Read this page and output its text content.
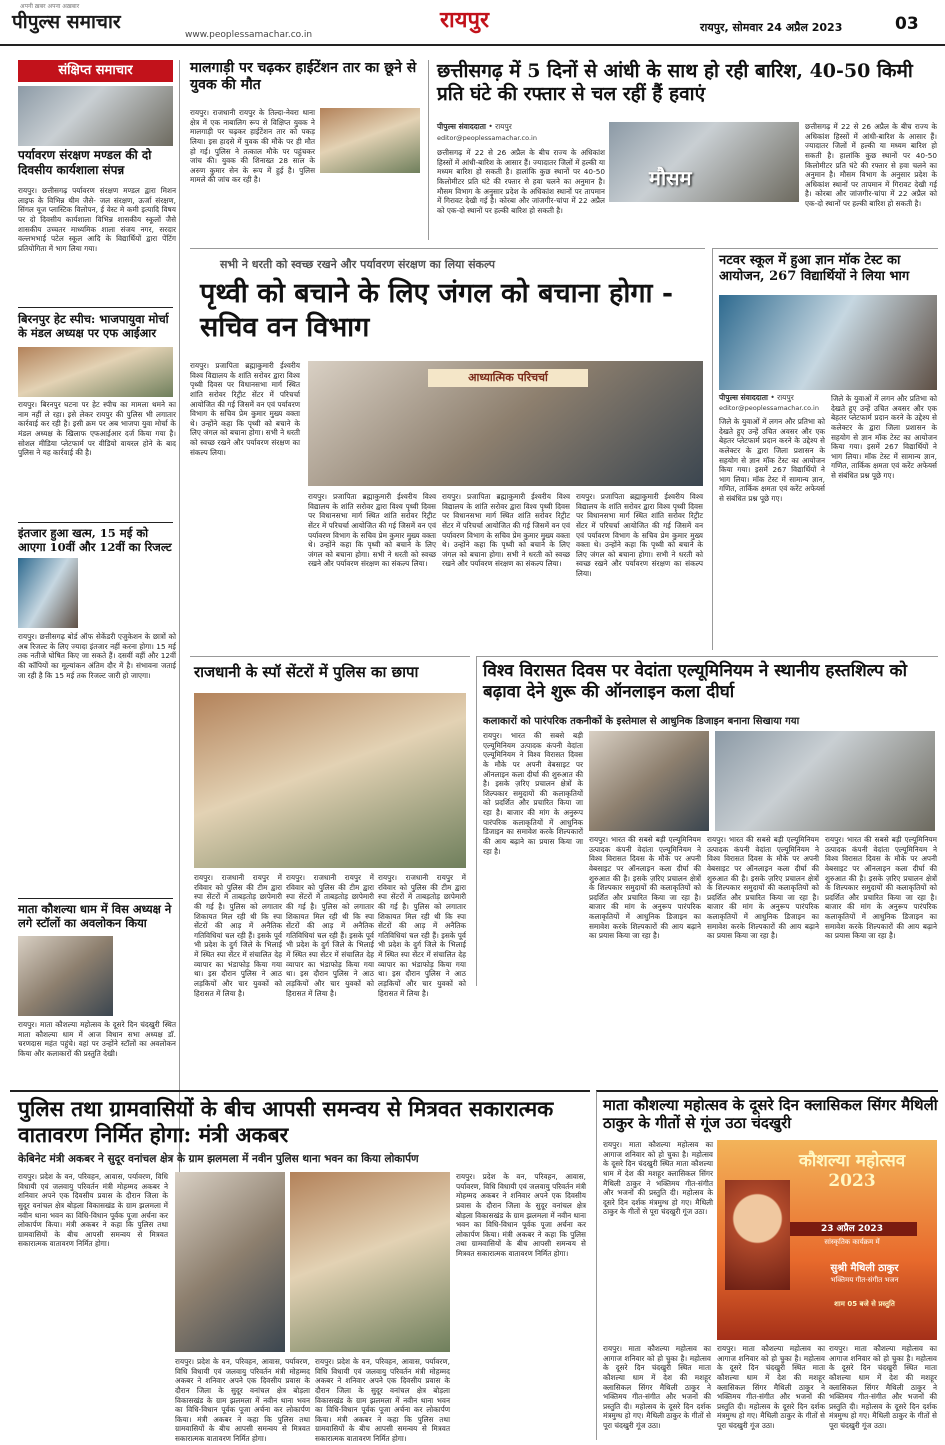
अपनी ख़बर अपना अख़बार
पीपुल्स समाचार
www.peoplessamachar.co.in
रायपुर	रायपुर, सोमवार 24 अप्रैल 2023	03
संक्षिप्त समाचार
पर्यावरण संरक्षण मण्डल की दो दिवसीय कार्यशाला संपन्न
रायपुर। छत्तीसगढ़ पर्यावरण संरक्षण मण्डल द्वारा मिशन लाइफ के विभिन्न थीम जैसे- जल संरक्षण, ऊर्जा संरक्षण, सिंगल यूज प्लास्टिक विलोपन, ई वेस्ट मे कमी इत्यादि विषय पर दो दिवसीय कार्यशाला विभिन्न शासकीय स्कूलों जैसे शासकीय उच्चतर माध्यमिक शाला संजय नगर, सरदार वल्लभभाई पटेल स्कूल आदि के विद्यार्थियों द्वारा पेंटिंग प्रतियोगिता में भाग लिया गया।
बिरनपुर हेट स्पीच: भाजपायुवा मोर्चा के मंडल अध्यक्ष पर एफ आईआर
रायपुर। बिरनपुर घटना पर हेट स्पीच का मामला थमने का नाम नहीं ले रहा। इसे लेकर रायपुर की पुलिस भी लगातार कार्रवाई कर रही है। इसी क्रम पर अब भाजपा युवा मोर्चा के मंडल अध्यक्ष के खिलाफ एफआईआर दर्ज किया गया है। सोशल मीडिया प्लेटफार्म पर वीडियो वायरल होने के बाद पुलिस ने यह कार्रवाई की है।
इंतजार हुआ खत्म, 15 मई को आएगा 10वीं और 12वीं का रिजल्ट
रायपुर। छत्तीसगढ़ बोर्ड ऑफ सेकेंडरी एजुकेशन के छात्रों को अब रिजल्ट के लिए ज्यादा इंतजार नहीं करना होगा। 15 मई तक नतीजे घोषित किए जा सकते हैं। दसवीं वहीं और 12वीं की कॉपियों का मूल्यांकन अंतिम दौर में है। संभावना जताई जा रही है कि 15 मई तक रिजल्ट जारी हो जाएगा।
माता कौशल्या धाम में विस अध्यक्ष ने लगे स्टॉलों का अवलोकन किया
रायपुर। माता कौशल्या महोत्सव के दूसरे दिन चंदखुरी स्थित माता कौशल्या धाम में आज विधान सभा अध्यक्ष डॉ. चरणदास महंत पहुंचे। वहां पर उन्होंने स्टॉलों का अवलोकन किया और कलाकारों की प्रस्तुति देखी।
मालगाड़ी पर चढ़कर हाईटेंशन तार का छूने से युवक की मौत
रायपुर। राजधानी रायपुर के तिल्दा-नेवरा थाना क्षेत्र में एक नाबालिग रूप से विक्षिप्त युवक ने मालगाड़ी पर चढ़कर हाईटेंशन तार को पकड़ लिया। इस हादसे में युवक की मौके पर ही मौत हो गई। पुलिस ने तत्काल मौके पर पहुंचकर जांच की। युवक की शिनाख्त 28 साल के अरुण कुमार सेन के रूप में हुई है। पुलिस मामले की जांच कर रही है।
छत्तीसगढ़ में 5 दिनों से आंधी के साथ हो रही बारिश, 40-50 किमी प्रति घंटे की रफ्तार से चल रहीं हैं हवाएं
पीपुल्स संवाददाता • रायपुर
editor@peoplessamachar.co.in
मौसम
छत्तीसगढ़ में 22 से 26 अप्रैल के बीच राज्य के अधिकांश हिस्सों में आंधी-बारिश के आसार हैं। ज्यादातर जिलों में हल्की या मध्यम बारिश हो सकती है। हालांकि कुछ स्थानों पर 40-50 किलोमीटर प्रति घंटे की रफ्तार से हवा चलने का अनुमान है। मौसम विभाग के अनुसार प्रदेश के अधिकांश स्थानों पर तापमान में गिरावट देखी गई है। कोरबा और जांजगीर-चांपा में 22 अप्रैल को एक-दो स्थानों पर हल्की बारिश हो सकती है।
छत्तीसगढ़ में 22 से 26 अप्रैल के बीच राज्य के अधिकांश हिस्सों में आंधी-बारिश के आसार हैं। ज्यादातर जिलों में हल्की या मध्यम बारिश हो सकती है। हालांकि कुछ स्थानों पर 40-50 किलोमीटर प्रति घंटे की रफ्तार से हवा चलने का अनुमान है। मौसम विभाग के अनुसार प्रदेश के अधिकांश स्थानों पर तापमान में गिरावट देखी गई है। कोरबा और जांजगीर-चांपा में 22 अप्रैल को एक-दो स्थानों पर हल्की बारिश हो सकती है।
सभी ने धरती को स्वच्छ रखने और पर्यावरण संरक्षण का लिया संकल्प
पृथ्वी को बचाने के लिए जंगल को बचाना होगा - सचिव वन विभाग
रायपुर। प्रजापिता ब्रह्माकुमारी ईश्वरीय विश्व विद्यालय के शांति सरोवर द्वारा विश्व पृथ्वी दिवस पर विधानसभा मार्ग स्थित शांति सरोवर रिट्रीट सेंटर में परिचर्चा आयोजित की गई जिसमें वन एवं पर्यावरण विभाग के सचिव प्रेम कुमार मुख्य वक्ता थे। उन्होंने कहा कि पृथ्वी को बचाने के लिए जंगल को बचाना होगा। सभी ने धरती को स्वच्छ रखने और पर्यावरण संरक्षण का संकल्प लिया।
आध्यात्मिक परिचर्चा
रायपुर। प्रजापिता ब्रह्माकुमारी ईश्वरीय विश्व विद्यालय के शांति सरोवर द्वारा विश्व पृथ्वी दिवस पर विधानसभा मार्ग स्थित शांति सरोवर रिट्रीट सेंटर में परिचर्चा आयोजित की गई जिसमें वन एवं पर्यावरण विभाग के सचिव प्रेम कुमार मुख्य वक्ता थे। उन्होंने कहा कि पृथ्वी को बचाने के लिए जंगल को बचाना होगा। सभी ने धरती को स्वच्छ रखने और पर्यावरण संरक्षण का संकल्प लिया।
रायपुर। प्रजापिता ब्रह्माकुमारी ईश्वरीय विश्व विद्यालय के शांति सरोवर द्वारा विश्व पृथ्वी दिवस पर विधानसभा मार्ग स्थित शांति सरोवर रिट्रीट सेंटर में परिचर्चा आयोजित की गई जिसमें वन एवं पर्यावरण विभाग के सचिव प्रेम कुमार मुख्य वक्ता थे। उन्होंने कहा कि पृथ्वी को बचाने के लिए जंगल को बचाना होगा। सभी ने धरती को स्वच्छ रखने और पर्यावरण संरक्षण का संकल्प लिया।
रायपुर। प्रजापिता ब्रह्माकुमारी ईश्वरीय विश्व विद्यालय के शांति सरोवर द्वारा विश्व पृथ्वी दिवस पर विधानसभा मार्ग स्थित शांति सरोवर रिट्रीट सेंटर में परिचर्चा आयोजित की गई जिसमें वन एवं पर्यावरण विभाग के सचिव प्रेम कुमार मुख्य वक्ता थे। उन्होंने कहा कि पृथ्वी को बचाने के लिए जंगल को बचाना होगा। सभी ने धरती को स्वच्छ रखने और पर्यावरण संरक्षण का संकल्प लिया।
नटवर स्कूल में हुआ ज्ञान मॉक टेस्ट का आयोजन, 267 विद्यार्थियों ने लिया भाग
पीपुल्स संवाददाता • रायपुर
editor@peoplessamachar.co.in
जिले के युवाओं में लगन और प्रतिभा को देखते हुए उन्हें उचित अवसर और एक बेहतर प्लेटफार्म प्रदान करने के उद्देश्य से कलेक्टर के द्वारा जिला प्रशासन के सहयोग से ज्ञान मॉक टेस्ट का आयोजन किया गया। इसमें 267 विद्यार्थियों ने भाग लिया। मॉक टेस्ट में सामान्य ज्ञान, गणित, तार्किक क्षमता एवं करेंट अफेयर्स से संबंधित प्रश्न पूछे गए।
जिले के युवाओं में लगन और प्रतिभा को देखते हुए उन्हें उचित अवसर और एक बेहतर प्लेटफार्म प्रदान करने के उद्देश्य से कलेक्टर के द्वारा जिला प्रशासन के सहयोग से ज्ञान मॉक टेस्ट का आयोजन किया गया। इसमें 267 विद्यार्थियों ने भाग लिया। मॉक टेस्ट में सामान्य ज्ञान, गणित, तार्किक क्षमता एवं करेंट अफेयर्स से संबंधित प्रश्न पूछे गए।
राजधानी के स्पॉ सेंटरों में पुलिस का छापा
रायपुर। राजधानी रायपुर में रविवार को पुलिस की टीम द्वारा स्पा सेंटरों में ताबड़तोड़ छापेमारी की गई है। पुलिस को लगातार शिकायत मिल रही थी कि स्पा सेंटरों की आड़ में अनैतिक गतिविधियां चल रही हैं। इसके पूर्व भी प्रदेश के दुर्ग जिले के भिलाई में स्थित स्पा सेंटर में संचालित देह व्यापार का भंडाफोड़ किया गया था। इस दौरान पुलिस ने आठ लड़कियों और चार युवकों को हिरासत में लिया है।
रायपुर। राजधानी रायपुर में रविवार को पुलिस की टीम द्वारा स्पा सेंटरों में ताबड़तोड़ छापेमारी की गई है। पुलिस को लगातार शिकायत मिल रही थी कि स्पा सेंटरों की आड़ में अनैतिक गतिविधियां चल रही हैं। इसके पूर्व भी प्रदेश के दुर्ग जिले के भिलाई में स्थित स्पा सेंटर में संचालित देह व्यापार का भंडाफोड़ किया गया था। इस दौरान पुलिस ने आठ लड़कियों और चार युवकों को हिरासत में लिया है।
रायपुर। राजधानी रायपुर में रविवार को पुलिस की टीम द्वारा स्पा सेंटरों में ताबड़तोड़ छापेमारी की गई है। पुलिस को लगातार शिकायत मिल रही थी कि स्पा सेंटरों की आड़ में अनैतिक गतिविधियां चल रही हैं। इसके पूर्व भी प्रदेश के दुर्ग जिले के भिलाई में स्थित स्पा सेंटर में संचालित देह व्यापार का भंडाफोड़ किया गया था। इस दौरान पुलिस ने आठ लड़कियों और चार युवकों को हिरासत में लिया है।
विश्व विरासत दिवस पर वेदांता एल्यूमिनियम ने स्थानीय हस्तशिल्प को बढ़ावा देने शुरू की ऑनलाइन कला दीर्घा
कलाकारों को पारंपरिक तकनीकों के इस्तेमाल से आधुनिक डिजाइन बनाना सिखाया गया
रायपुर। भारत की सबसे बड़ी एल्यूमिनियम उत्पादक कंपनी वेदांता एल्यूमिनियम ने विश्व विरासत दिवस के मौके पर अपनी वेबसाइट पर ऑनलाइन कला दीर्घा की शुरुआत की है। इसके ज़रिए प्रचालन क्षेत्रों के शिल्पकार समुदायों की कलाकृतियों को प्रदर्शित और प्रचारित किया जा रहा है। बाजार की मांग के अनुरूप पारंपरिक कलाकृतियों में आधुनिक डिजाइन का समावेश करके शिल्पकारों की आय बढ़ाने का प्रयास किया जा रहा है।
रायपुर। भारत की सबसे बड़ी एल्यूमिनियम उत्पादक कंपनी वेदांता एल्यूमिनियम ने विश्व विरासत दिवस के मौके पर अपनी वेबसाइट पर ऑनलाइन कला दीर्घा की शुरुआत की है। इसके ज़रिए प्रचालन क्षेत्रों के शिल्पकार समुदायों की कलाकृतियों को प्रदर्शित और प्रचारित किया जा रहा है। बाजार की मांग के अनुरूप पारंपरिक कलाकृतियों में आधुनिक डिजाइन का समावेश करके शिल्पकारों की आय बढ़ाने का प्रयास किया जा रहा है।
रायपुर। भारत की सबसे बड़ी एल्यूमिनियम उत्पादक कंपनी वेदांता एल्यूमिनियम ने विश्व विरासत दिवस के मौके पर अपनी वेबसाइट पर ऑनलाइन कला दीर्घा की शुरुआत की है। इसके ज़रिए प्रचालन क्षेत्रों के शिल्पकार समुदायों की कलाकृतियों को प्रदर्शित और प्रचारित किया जा रहा है। बाजार की मांग के अनुरूप पारंपरिक कलाकृतियों में आधुनिक डिजाइन का समावेश करके शिल्पकारों की आय बढ़ाने का प्रयास किया जा रहा है।
रायपुर। भारत की सबसे बड़ी एल्यूमिनियम उत्पादक कंपनी वेदांता एल्यूमिनियम ने विश्व विरासत दिवस के मौके पर अपनी वेबसाइट पर ऑनलाइन कला दीर्घा की शुरुआत की है। इसके ज़रिए प्रचालन क्षेत्रों के शिल्पकार समुदायों की कलाकृतियों को प्रदर्शित और प्रचारित किया जा रहा है। बाजार की मांग के अनुरूप पारंपरिक कलाकृतियों में आधुनिक डिजाइन का समावेश करके शिल्पकारों की आय बढ़ाने का प्रयास किया जा रहा है।
पुलिस तथा ग्रामवासियों के बीच आपसी समन्वय से मित्रवत सकारात्मक वातावरण निर्मित होगा: मंत्री अकबर
केबिनेट मंत्री अकबर ने सुदूर वनांचल क्षेत्र के ग्राम झलमला में नवीन पुलिस थाना भवन का किया लोकार्पण
रायपुर। प्रदेश के वन, परिवहन, आवास, पर्यावरण, विधि विधायी एवं जलवायु परिवर्तन मंत्री मोहम्मद अकबर ने शनिवार अपने एक दिवसीय प्रवास के दौरान जिला के सुदूर वनांचल क्षेत्र बोड़ला विकासखंड के ग्राम झलमला में नवीन थाना भवन का विधि-विधान पूर्वक पूजा अर्चना कर लोकार्पण किया। मंत्री अकबर ने कहा कि पुलिस तथा ग्रामवासियों के बीच आपसी समन्वय से मित्रवत सकारात्मक वातावरण निर्मित होगा।
रायपुर। प्रदेश के वन, परिवहन, आवास, पर्यावरण, विधि विधायी एवं जलवायु परिवर्तन मंत्री मोहम्मद अकबर ने शनिवार अपने एक दिवसीय प्रवास के दौरान जिला के सुदूर वनांचल क्षेत्र बोड़ला विकासखंड के ग्राम झलमला में नवीन थाना भवन का विधि-विधान पूर्वक पूजा अर्चना कर लोकार्पण किया। मंत्री अकबर ने कहा कि पुलिस तथा ग्रामवासियों के बीच आपसी समन्वय से मित्रवत सकारात्मक वातावरण निर्मित होगा।
रायपुर। प्रदेश के वन, परिवहन, आवास, पर्यावरण, विधि विधायी एवं जलवायु परिवर्तन मंत्री मोहम्मद अकबर ने शनिवार अपने एक दिवसीय प्रवास के दौरान जिला के सुदूर वनांचल क्षेत्र बोड़ला विकासखंड के ग्राम झलमला में नवीन थाना भवन का विधि-विधान पूर्वक पूजा अर्चना कर लोकार्पण किया। मंत्री अकबर ने कहा कि पुलिस तथा ग्रामवासियों के बीच आपसी समन्वय से मित्रवत सकारात्मक वातावरण निर्मित होगा।
रायपुर। प्रदेश के वन, परिवहन, आवास, पर्यावरण, विधि विधायी एवं जलवायु परिवर्तन मंत्री मोहम्मद अकबर ने शनिवार अपने एक दिवसीय प्रवास के दौरान जिला के सुदूर वनांचल क्षेत्र बोड़ला विकासखंड के ग्राम झलमला में नवीन थाना भवन का विधि-विधान पूर्वक पूजा अर्चना कर लोकार्पण किया। मंत्री अकबर ने कहा कि पुलिस तथा ग्रामवासियों के बीच आपसी समन्वय से मित्रवत सकारात्मक वातावरण निर्मित होगा।
माता कौशल्या महोत्सव के दूसरे दिन क्लासिकल सिंगर मैथिली ठाकुर के गीतों से गूंज उठा चंदखुरी
रायपुर। माता कौशल्या महोत्सव का आगाज शनिवार को हो चुका है। महोत्सव के दूसरे दिन चंदखुरी स्थित माता कौशल्या धाम में देश की मशहूर क्लासिकल सिंगर मैथिली ठाकुर ने भक्तिमय गीत-संगीत और भजनों की प्रस्तुति दी। महोत्सव के दूसरे दिन दर्शक मंत्रमुग्ध हो गए। मैथिली ठाकुर के गीतों से पूरा चंदखुरी गूंज उठा।
कौशल्या महोत्सव 2023
23 अप्रैल 2023
सांस्कृतिक कार्यक्रम में
सुश्री मैथिली ठाकुर
भक्तिमय गीत-संगीत भजन
शाम 05 बजे से प्रस्तुति
रायपुर। माता कौशल्या महोत्सव का आगाज शनिवार को हो चुका है। महोत्सव के दूसरे दिन चंदखुरी स्थित माता कौशल्या धाम में देश की मशहूर क्लासिकल सिंगर मैथिली ठाकुर ने भक्तिमय गीत-संगीत और भजनों की प्रस्तुति दी। महोत्सव के दूसरे दिन दर्शक मंत्रमुग्ध हो गए। मैथिली ठाकुर के गीतों से पूरा चंदखुरी गूंज उठा।
रायपुर। माता कौशल्या महोत्सव का आगाज शनिवार को हो चुका है। महोत्सव के दूसरे दिन चंदखुरी स्थित माता कौशल्या धाम में देश की मशहूर क्लासिकल सिंगर मैथिली ठाकुर ने भक्तिमय गीत-संगीत और भजनों की प्रस्तुति दी। महोत्सव के दूसरे दिन दर्शक मंत्रमुग्ध हो गए। मैथिली ठाकुर के गीतों से पूरा चंदखुरी गूंज उठा।
रायपुर। माता कौशल्या महोत्सव का आगाज शनिवार को हो चुका है। महोत्सव के दूसरे दिन चंदखुरी स्थित माता कौशल्या धाम में देश की मशहूर क्लासिकल सिंगर मैथिली ठाकुर ने भक्तिमय गीत-संगीत और भजनों की प्रस्तुति दी। महोत्सव के दूसरे दिन दर्शक मंत्रमुग्ध हो गए। मैथिली ठाकुर के गीतों से पूरा चंदखुरी गूंज उठा।
